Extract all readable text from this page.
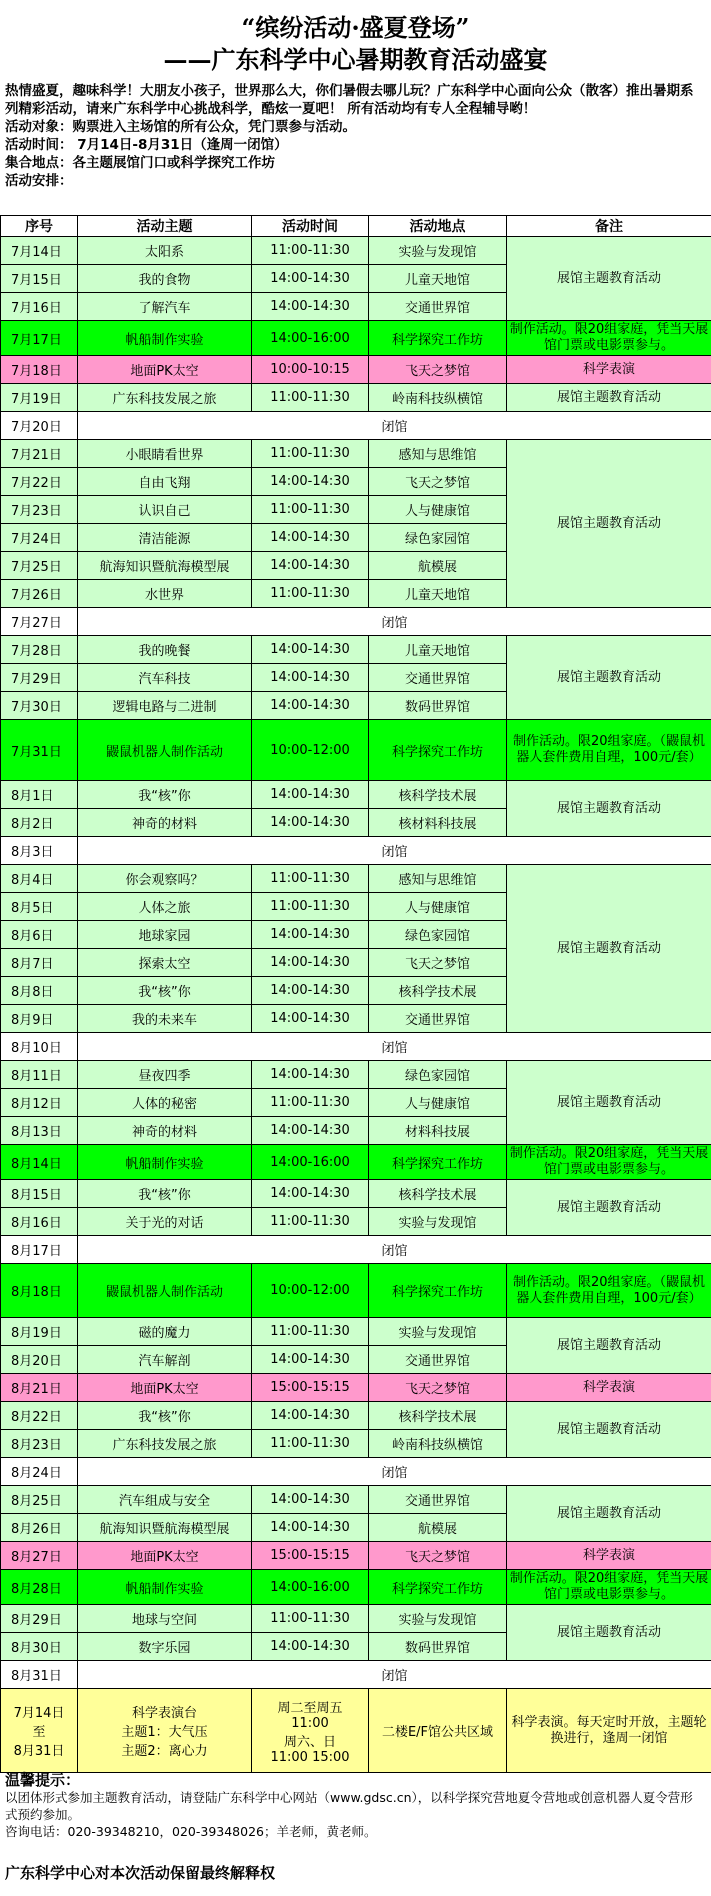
“缤纷活动·盛夏登场”
——广东科学中心暑期教育活动盛宴
热情盛夏，趣味科学！大朋友小孩子，世界那么大，你们暑假去哪儿玩？广东科学中心面向公众（散客）推出暑期系列精彩活动，请来广东科学中心挑战科学，酷炫一夏吧！ 所有活动均有专人全程辅导哟！
活动对象：购票进入主场馆的所有公众，凭门票参与活动。
活动时间： 7月14日-8月31日（逢周一闭馆）
集合地点：各主题展馆门口或科学探究工作坊
活动安排：
序号	活动主题	活动时间	活动地点	备注
7月14日	太阳系	11:00-11:30	实验与发现馆	展馆主题教育活动
7月15日	我的食物	14:00-14:30	儿童天地馆	
7月16日	了解汽车	14:00-14:30	交通世界馆	
7月17日	帆船制作实验	14:00-16:00	科学探究工作坊	制作活动。限20组家庭，凭当天展馆门票或电影票参与。
7月18日	地面PK太空	10:00-10:15	飞天之梦馆	科学表演
7月19日	广东科技发展之旅	11:00-11:30	岭南科技纵横馆	展馆主题教育活动
7月20日	闭馆			
7月21日	小眼睛看世界	11:00-11:30	感知与思维馆	展馆主题教育活动
7月22日	自由飞翔	14:00-14:30	飞天之梦馆	
7月23日	认识自己	11:00-11:30	人与健康馆	
7月24日	清洁能源	14:00-14:30	绿色家园馆	
7月25日	航海知识暨航海模型展	14:00-14:30	航模展	
7月26日	水世界	11:00-11:30	儿童天地馆	
7月27日	闭馆			
7月28日	我的晚餐	14:00-14:30	儿童天地馆	展馆主题教育活动
7月29日	汽车科技	14:00-14:30	交通世界馆	
7月30日	逻辑电路与二进制	14:00-14:30	数码世界馆	
7月31日	鼹鼠机器人制作活动	10:00-12:00	科学探究工作坊	制作活动。限20组家庭。（鼹鼠机器人套件费用自理，100元/套）
8月1日	我“核”你	14:00-14:30	核科学技术展	展馆主题教育活动
8月2日	神奇的材料	14:00-14:30	核材料科技展	
8月3日	闭馆			
8月4日	你会观察吗？	11:00-11:30	感知与思维馆	展馆主题教育活动
8月5日	人体之旅	11:00-11:30	人与健康馆	
8月6日	地球家园	14:00-14:30	绿色家园馆	
8月7日	探索太空	14:00-14:30	飞天之梦馆	
8月8日	我“核”你	14:00-14:30	核科学技术展	
8月9日	我的未来车	14:00-14:30	交通世界馆	
8月10日	闭馆			
8月11日	昼夜四季	14:00-14:30	绿色家园馆	展馆主题教育活动
8月12日	人体的秘密	11:00-11:30	人与健康馆	
8月13日	神奇的材料	14:00-14:30	材料科技展	
8月14日	帆船制作实验	14:00-16:00	科学探究工作坊	制作活动。限20组家庭，凭当天展馆门票或电影票参与。
8月15日	我“核”你	14:00-14:30	核科学技术展	展馆主题教育活动
8月16日	关于光的对话	11:00-11:30	实验与发现馆	
8月17日	闭馆			
8月18日	鼹鼠机器人制作活动	10:00-12:00	科学探究工作坊	制作活动。限20组家庭。（鼹鼠机器人套件费用自理，100元/套）
8月19日	磁的魔力	11:00-11:30	实验与发现馆	展馆主题教育活动
8月20日	汽车解剖	14:00-14:30	交通世界馆	
8月21日	地面PK太空	15:00-15:15	飞天之梦馆	科学表演
8月22日	我“核”你	14:00-14:30	核科学技术展	展馆主题教育活动
8月23日	广东科技发展之旅	11:00-11:30	岭南科技纵横馆	
8月24日	闭馆			
8月25日	汽车组成与安全	14:00-14:30	交通世界馆	展馆主题教育活动
8月26日	航海知识暨航海模型展	14:00-14:30	航模展	
8月27日	地面PK太空	15:00-15:15	飞天之梦馆	科学表演
8月28日	帆船制作实验	14:00-16:00	科学探究工作坊	制作活动。限20组家庭，凭当天展馆门票或电影票参与。
8月29日	地球与空间	11:00-11:30	实验与发现馆	展馆主题教育活动
8月30日	数字乐园	14:00-14:30	数码世界馆	
8月31日	闭馆			

7月14日
至
8月31日	科学表演台
主题1：大气压
主题2：离心力	周二至周五
11:00
周六、日
11:00 15:00	二楼E/F馆公共区域	科学表演。每天定时开放，主题轮换进行，逢周一闭馆
温馨提示：
以团体形式参加主题教育活动，请登陆广东科学中心网站（www.gdsc.cn），以科学探究营地夏令营地或创意机器人夏令营形式预约参加。
咨询电话：020-39348210，020-39348026；羊老师，黄老师。
广东科学中心对本次活动保留最终解释权
